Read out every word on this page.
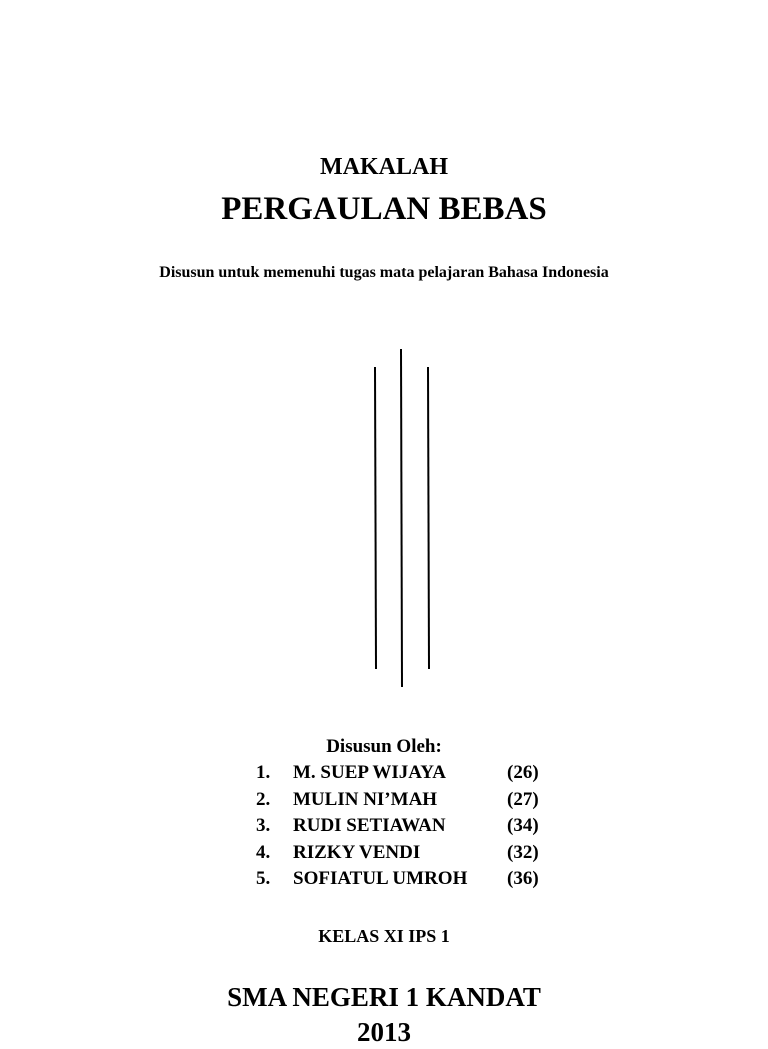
MAKALAH
PERGAULAN BEBAS
Disusun untuk memenuhi tugas mata pelajaran Bahasa Indonesia
Disusun Oleh:
1. M. SUEP WIJAYA	(26)
2. MULIN NI’MAH	(27)
3. RUDI SETIAWAN	(34)
4. RIZKY VENDI	(32)
5. SOFIATUL UMROH (36)
KELAS XI IPS 1
SMA NEGERI 1 KANDAT
2013
